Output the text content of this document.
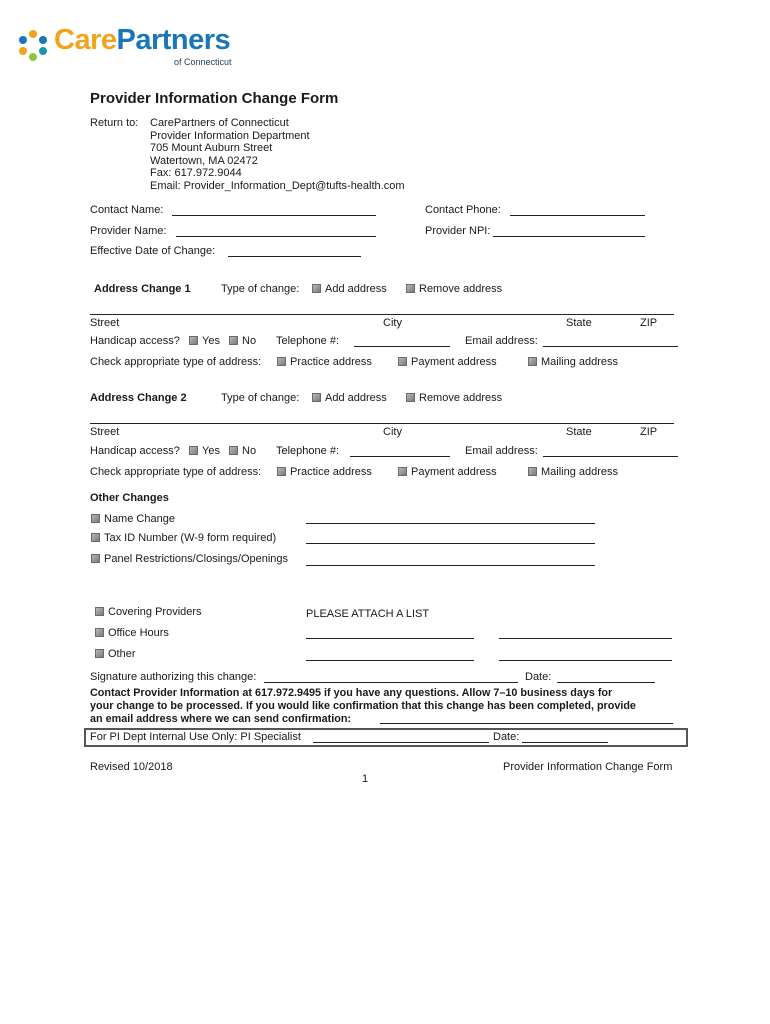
CarePartners
of Connecticut
Provider Information Change Form
Return to: CarePartners of Connecticut
Provider Information Department
705 Mount Auburn Street
Watertown, MA 02472
Fax: 617.972.9044
Email: Provider_Information_Dept@tufts-health.com
Contact Name:	Contact Phone:
Provider Name:	Provider NPI:
Effective Date of Change:
Address Change 1	Type of change:	Add address	Remove address
Street	City	State	ZIP
Handicap access?	Yes	No Telephone #:	Email address:
Check appropriate type of address:	Practice address	Payment address	Mailing address
Address Change 2	Type of change:	Add address	Remove address
Street	City	State	ZIP
Handicap access?	Yes	No Telephone #:	Email address:
Check appropriate type of address:	Practice address	Payment address	Mailing address
Other Changes
Name Change
Tax ID Number (W-9 form required)
Panel Restrictions/Closings/Openings
Covering Providers	PLEASE ATTACH A LIST
Office Hours
Other
Signature authorizing this change:	Date:
Contact Provider Information at 617.972.9495 if you have any questions. Allow 7–10 business days for
your change to be processed. If you would like confirmation that this change has been completed, provide
an email address where we can send confirmation:
For PI Dept Internal Use Only: PI Specialist	Date:
Revised 10/2018	Provider Information Change Form
1
